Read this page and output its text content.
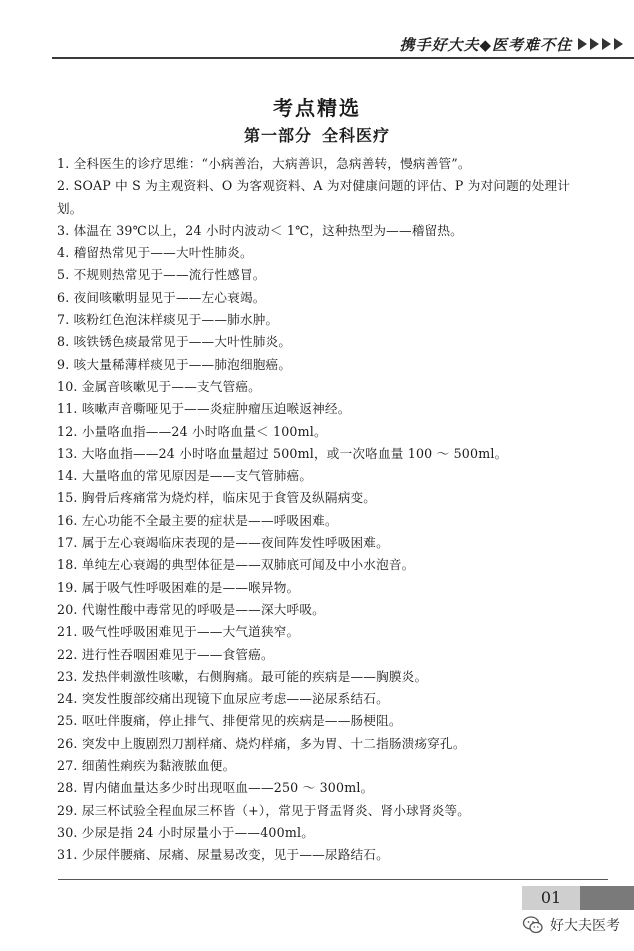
携手好大夫◆医考难不住
考点精选
第一部分 全科医疗
1. 全科医生的诊疗思维：“小病善治，大病善识，急病善转，慢病善管”。
2. SOAP 中 S 为主观资料、O 为客观资料、A 为对健康问题的评估、P 为对问题的处理计划。
3. 体温在 39℃以上，24 小时内波动＜ 1℃，这种热型为——稽留热。
4. 稽留热常见于——大叶性肺炎。
5. 不规则热常见于——流行性感冒。
6. 夜间咳嗽明显见于——左心衰竭。
7. 咳粉红色泡沫样痰见于——肺水肿。
8. 咳铁锈色痰最常见于——大叶性肺炎。
9. 咳大量稀薄样痰见于——肺泡细胞癌。
10. 金属音咳嗽见于——支气管癌。
11. 咳嗽声音嘶哑见于——炎症肿瘤压迫喉返神经。
12. 小量咯血指——24 小时咯血量＜ 100ml。
13. 大咯血指——24 小时咯血量超过 500ml，或一次咯血量 100 ～ 500ml。
14. 大量咯血的常见原因是——支气管肺癌。
15. 胸骨后疼痛常为烧灼样，临床见于食管及纵隔病变。
16. 左心功能不全最主要的症状是——呼吸困难。
17. 属于左心衰竭临床表现的是——夜间阵发性呼吸困难。
18. 单纯左心衰竭的典型体征是——双肺底可闻及中小水泡音。
19. 属于吸气性呼吸困难的是——喉异物。
20. 代谢性酸中毒常见的呼吸是——深大呼吸。
21. 吸气性呼吸困难见于——大气道狭窄。
22. 进行性吞咽困难见于——食管癌。
23. 发热伴刺激性咳嗽，右侧胸痛。最可能的疾病是——胸膜炎。
24. 突发性腹部绞痛出现镜下血尿应考虑——泌尿系结石。
25. 呕吐伴腹痛，停止排气、排便常见的疾病是——肠梗阻。
26. 突发中上腹剧烈刀割样痛、烧灼样痛，多为胃、十二指肠溃疡穿孔。
27. 细菌性痢疾为黏液脓血便。
28. 胃内储血量达多少时出现呕血——250 ～ 300ml。
29. 尿三杯试验全程血尿三杯皆（+），常见于肾盂肾炎、肾小球肾炎等。
30. 少尿是指 24 小时尿量小于——400ml。
31. 少尿伴腰痛、尿痛、尿量易改变，见于——尿路结石。
01
好大夫医考
